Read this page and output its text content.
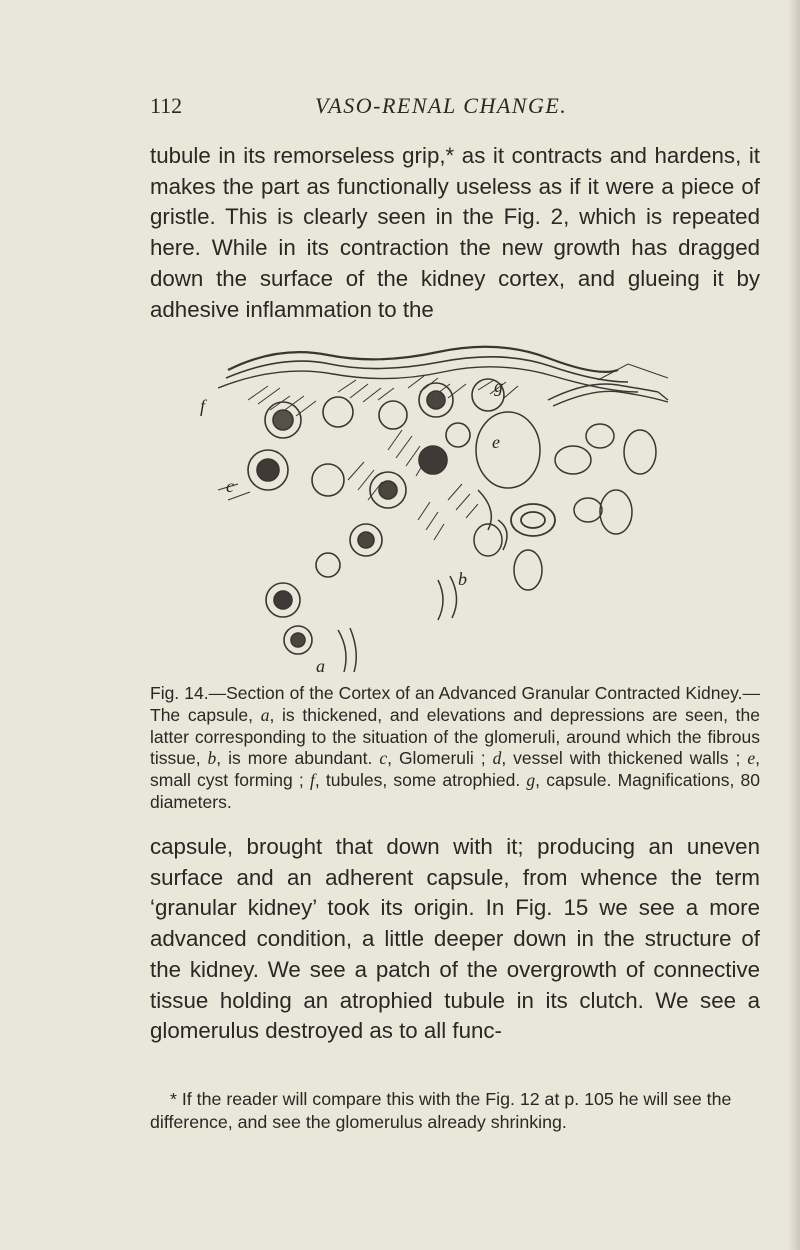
112	VASO-RENAL CHANGE.

tubule in its remorseless grip,* as it contracts and hardens, it makes the part as functionally useless as if it were a piece of gristle. This is clearly seen in the Fig. 2, which is repeated here. While in its contraction the new growth has dragged down the surface of the kidney cortex, and glueing it by adhesive inflammation to the

f
c
e
g
b
a

Fig. 14.—Section of the Cortex of an Advanced Granular Contracted Kidney.—The capsule, a, is thickened, and elevations and depressions are seen, the latter corresponding to the situation of the glomeruli, around which the fibrous tissue, b, is more abundant. c, Glomeruli ; d, vessel with thickened walls ; e, small cyst forming ; f, tubules, some atrophied. g, capsule. Magnifications, 80 diameters.

capsule, brought that down with it; producing an uneven surface and an adherent capsule, from whence the term ‘granular kidney’ took its origin. In Fig. 15 we see a more advanced condition, a little deeper down in the structure of the kidney. We see a patch of the overgrowth of connective tissue holding an atrophied tubule in its clutch. We see a glomerulus destroyed as to all func-

* If the reader will compare this with the Fig. 12 at p. 105 he will see the difference, and see the glomerulus already shrinking.
